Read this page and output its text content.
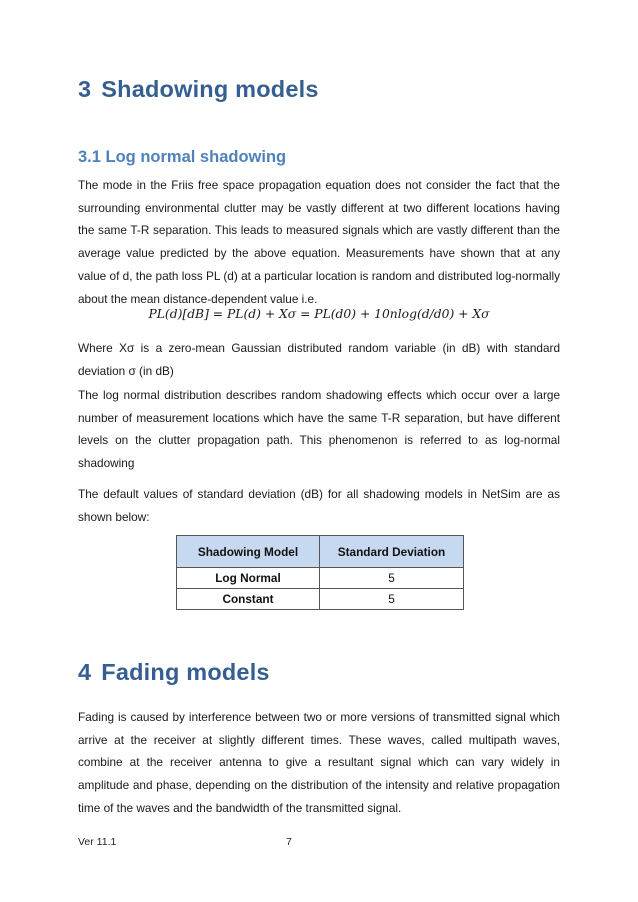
3 Shadowing models
3.1 Log normal shadowing

The mode in the Friis free space propagation equation does not consider the fact that the surrounding environmental clutter may be vastly different at two different locations having the same T-R separation. This leads to measured signals which are vastly different than the average value predicted by the above equation. Measurements have shown that at any value of d, the path loss PL (d) at a particular location is random and distributed log-normally about the mean distance-dependent value i.e.

PL(d)[dB] = PL(d) + Xσ = PL(d0) + 10nlog(d/d0) + Xσ

Where Xσ is a zero-mean Gaussian distributed random variable (in dB) with standard deviation σ (in dB)

The log normal distribution describes random shadowing effects which occur over a large number of measurement locations which have the same T-R separation, but have different levels on the clutter propagation path. This phenomenon is referred to as log-normal shadowing

The default values of standard deviation (dB) for all shadowing models in NetSim are as shown below:

Shadowing Model	Standard Deviation
Log Normal	5
Constant	5
4 Fading models

Fading is caused by interference between two or more versions of transmitted signal which arrive at the receiver at slightly different times. These waves, called multipath waves, combine at the receiver antenna to give a resultant signal which can vary widely in amplitude and phase, depending on the distribution of the intensity and relative propagation time of the waves and the bandwidth of the transmitted signal.

Ver 11.1	7
